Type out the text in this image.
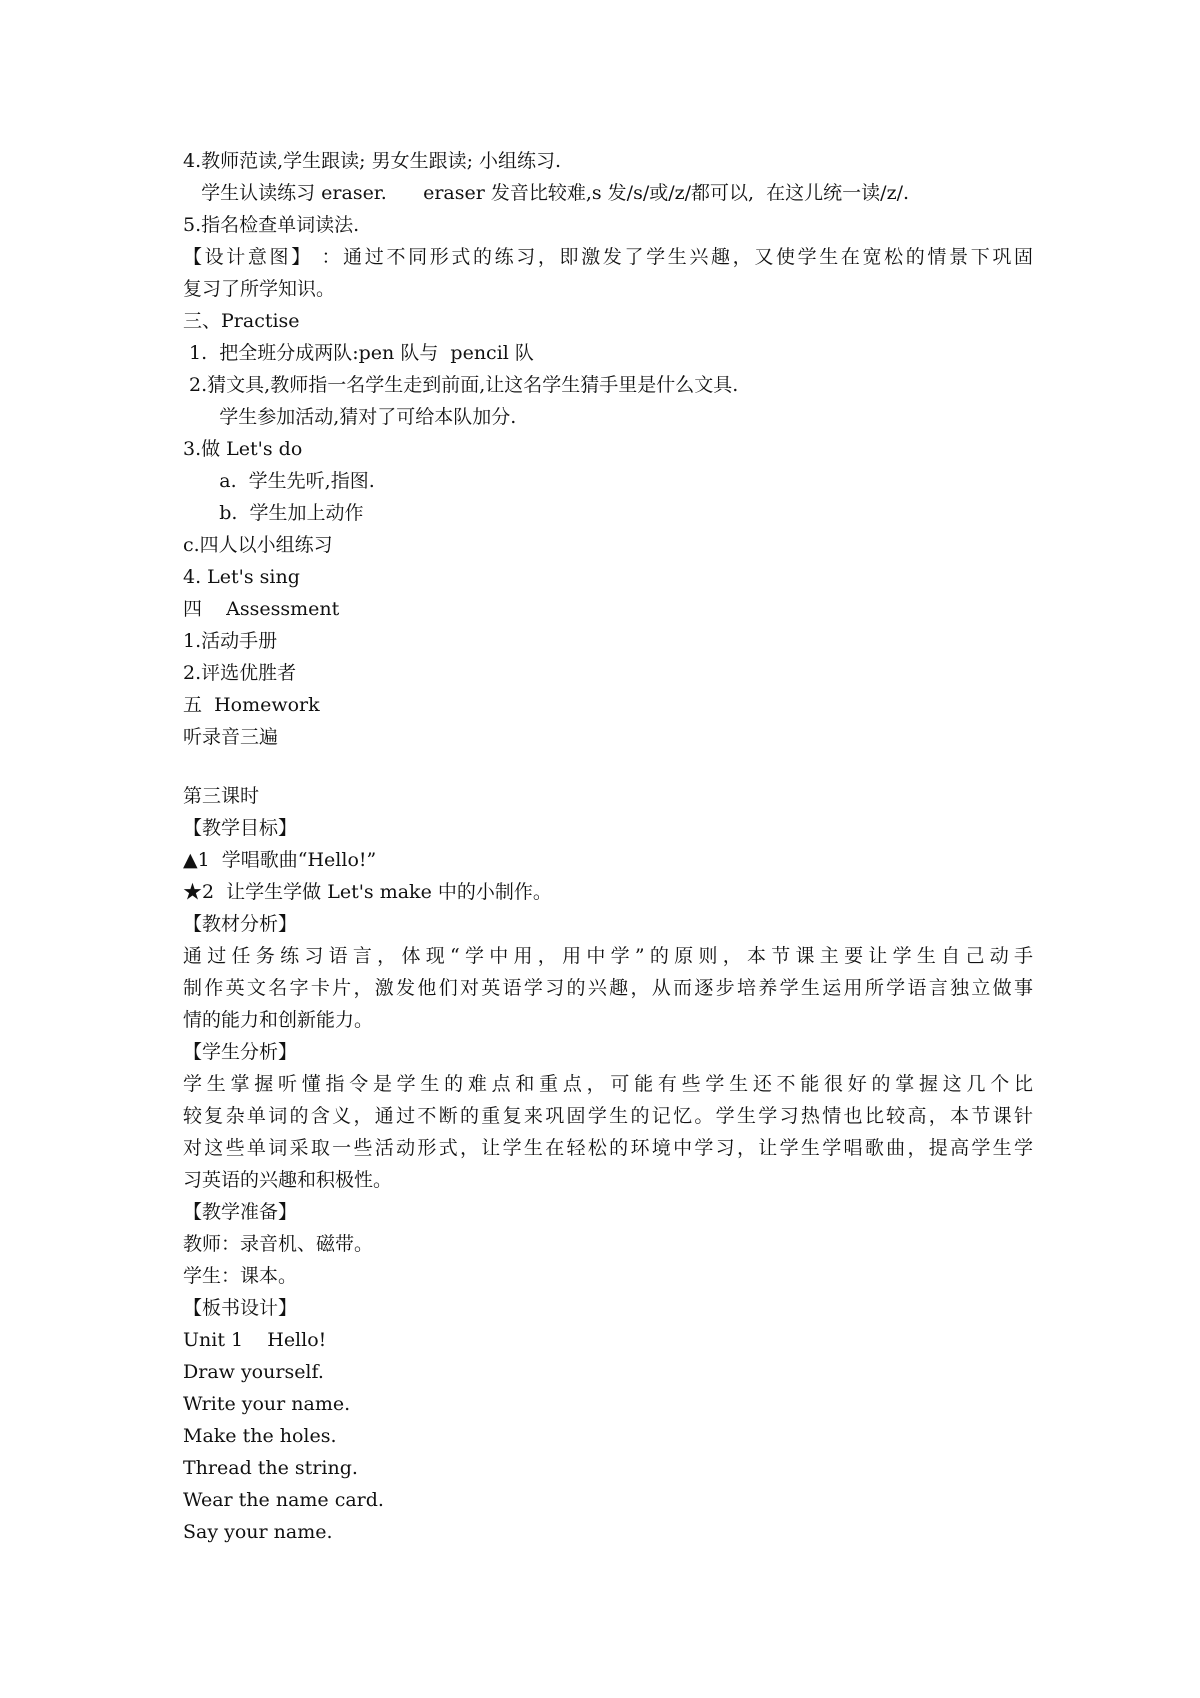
4.教师范读,学生跟读; 男女生跟读; 小组练习.
学生认读练习 eraser.      eraser 发音比较难,s 发/s/或/z/都可以,  在这儿统一读/z/.
5.指名检查单词读法.
【设计意图】 ：通过不同形式的练习，即激发了学生兴趣，又使学生在宽松的情景下巩固
复习了所学知识。
三、Practise
1.  把全班分成两队:pen 队与  pencil 队
2.猜文具,教师指一名学生走到前面,让这名学生猜手里是什么文具.
学生参加活动,猜对了可给本队加分.
3.做 Let's do
a.  学生先听,指图.
b.  学生加上动作
c.四人以小组练习
4. Let's sing
四    Assessment
1.活动手册
2.评选优胜者
五  Homework
听录音三遍
第三课时
【教学目标】
▲1  学唱歌曲“Hello!”
★2  让学生学做 Let's make 中的小制作。
【教材分析】
通过任务练习语言，体现“学中用，用中学”的原则，本节课主要让学生自己动手
制作英文名字卡片，激发他们对英语学习的兴趣，从而逐步培养学生运用所学语言独立做事
情的能力和创新能力。
【学生分析】
学生掌握听懂指令是学生的难点和重点，可能有些学生还不能很好的掌握这几个比
较复杂单词的含义，通过不断的重复来巩固学生的记忆。学生学习热情也比较高，本节课针
对这些单词采取一些活动形式，让学生在轻松的环境中学习，让学生学唱歌曲，提高学生学
习英语的兴趣和积极性。
【教学准备】
教师：录音机、磁带。
学生：课本。
【板书设计】
Unit 1    Hello!
Draw yourself.
Write your name.
Make the holes.
Thread the string.
Wear the name card.
Say your name.
